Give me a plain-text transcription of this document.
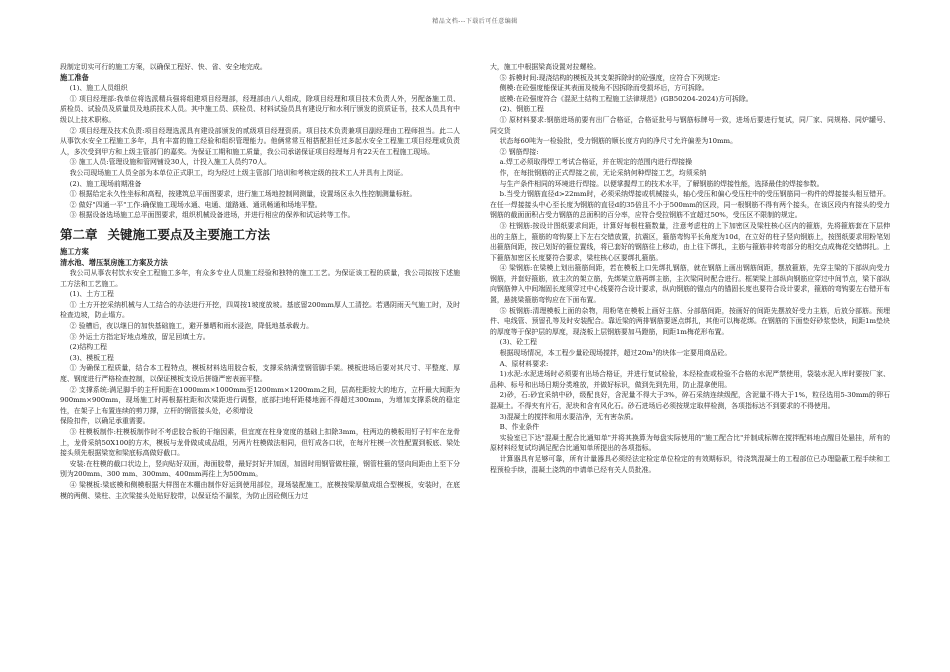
精品文档---下载后可任意编辑
段制定切实可行的施工方案，以确保工程好、快、省、安全地完成。
施工准备
(1)、施工人员组织
① 项目经理部:我单位将选派精兵强将组建项目经理部，经理部由八人组成，除项目经理和项目技术负责人外，另配备施工员、质检员、试验员及质量员及地质技术人员。其中施工员、质检员、材料试验员具有建设厅和水利厅颁发的资质证书，技术人员具有中级以上技术职称。
② 项目经理及技术负责:项目经理选派具有建设部颁发的贰级项目经理资质。项目技术负责兼项目副经理由工程师担当。此二人从事饮水安全工程施工多年，具有丰富的施工经验和组织管理能力。他俩常常互相搭配担任过多起水安全工程施工项目经理或负责人，多次受到甲方和上级主管部门的嘉奖。为保证工期和施工质量，我公司承诺保证项目经理每月有22天在工程施工现场。
③ 施工人员:管理设施和管网铺设30人，计投入施工人员约70人。
我公司现场施工人员全部为本单位正式职工，均为经过上级主管部门培训和考核定级的技术工人并具有上岗证。
(2)、施工现场前期准备
① 根据给定永久性坐标和高程，按建筑总平面图要求，进行施工场地控制网测量，设置场区永久性控制测量标桩。
② 做好"四通一平"工作:确保施工现场水通、电通、道路通、通讯畅通和场地平整。
③ 根据设备选场施工总平面图要求，组织机械设备进场，并进行相应的保养和试运转等工作。
第二章 关键施工要点及主要施工方法
施工方案
清水池、增压泵房施工方案及方法
我公司从事农村饮水安全工程施工多年，有众多专业人员施工经验和独特的施工工艺。为保证该工程的质量，我公司拟按下述施工方法和工艺施工。
(1)、土方工程
① 土方开挖采纳机械与人工结合的办法进行开挖，四周按1坡度放坡。基底留200mm厚人工清挖。若遇阴雨天气施工时，及时检查边坡，防止塌方。
② 验槽后，夜以继日的加快基础施工，避开暴晒和雨水浸泡，降低地基承载力。
③ 外运土方指定好地点堆放，留足回填土方。
(2)结构工程
(3)、模板工程
① 为确保工程质量，结合本工程特点，模板材料选用胶合板，支撑采纳满堂钢管脚手架。模板进场后要对其尺寸、平整度、厚度、钢度进行严格检查控制，以保证模板支设后拼缝严密表面平整。
② 支撑系统:满足脚手的主杆间距在1000mm×1000mm至1200mm×1200mm之间，层高柱距较大的地方，立杆最大间距为900mm×900mm，现场施工时再根据柱距和次梁距进行调整，底部扫地杆距楼地面不得超过300mm，为增加支撑系统的稳定性，在架子上布置连续的剪刀撑，立杆的钢管接头处，必须增设
保险扣件，以确足承重需要。
③ 柱模板制作:柱模板制作时不考虑胶合板的干缩因素，但宜度在柱身宽度的基础上扣除3mm，柱两边的模板用钉子钉牢在龙骨上，龙骨采纳50X100的方木，模板与龙骨做成成品组，另两片柱模做法相同，但钉成各口状，在每片柱模一次性配置到板底、梁处接头须先根据梁宽和梁底标高做好截口。
安装:在柱模的截口状边上，竖向贴好双面，海面胶带，最好封好并加固，加固时用钢管做柱箍，钢管柱箍的竖向间距由上至下分别为200mm、300 mm、300mm、400mm再往上为500mm。
④ 梁模板:梁底模和侧模根据大样图在木棚由制作好运到使用部位，现场装配施工，底模按梁厚做成组合型模板，安装时，在底模的两侧、梁柱、主次梁接头处贴好胶带，以保证绘不漏浆，为防止因砼侧压力过
大，施工中根据梁高设置对拉螺栓。
⑤ 拆模时间:现浇结构的模板及其支架拆除时的砼强度，应符合下列规定:
侧模:在砼强度能保证其表面及棱角不因拆除而受损坏后，方可拆除。
底模:在砼强度符合《混泥土结构工程施工法律规范》(GB50204-2024)方可拆除。
(2)、钢筋工程
① 原材料要求:钢筋进场前要有出厂合格证，合格证批号与钢筋标牌号一致，进场后要进行复试，同厂家、同规格、同炉罐号、同交货
状态每60吨为一检验批，受力钢筋的顺长度方向的净尺寸允许偏差为10mm。
② 钢筋焊接:
a.焊工必须取得焊工考试合格证，并在规定的范围内进行焊接操
作，在每批钢筋的正式焊接之前，无论采纳何种焊接工艺，均须采纳
与生产条件相同的环境进行焊接。以便掌握焊工的技术水平，了解钢筋的焊接性能，选择最佳的焊接参数。
b.当受力钢筋直径d>22mm时，必须采纳焊接或机械接头，轴心受压和偏心受压柱中的受压钢筋同一构件的焊接接头相互错开。在任一焊接接头中心至长度为钢筋的直径d的35倍且不小于500mm的区段，同一根钢筋不得有两个接头，在该区段内有接头的受力钢筋的截面面积占受力钢筋的总面积的百分率，应符合受拉钢筋不宜超过50%，受压区不限制的规定。
③ 柱钢筋:按设计图纸要求间距，计算好每根柱箍数量，注意考虑柱的上下加密区及梁柱核心区内的箍筋，先将箍筋套在下层伸出的主筋上，箍筋的弯钩要上下左右交错放置，抗震区，箍筋弯钩平长角度为10d，在立好的柱子竖向钢筋上，按图纸要求用粉笔划出箍筋间距，按已划好的箍位置线，将已套好的钢筋往上移动，由上往下绑扎，主筋与箍筋非转弯部分的相交点成梅花交错绑扎。上下箍筋加密区长度要符合要求，梁柱核心区要绑扎箍筋。
④ 梁钢筋:在梁模上划出箍筋间距，若在模板上口先绑扎钢筋，就在钢筋上画出钢筋间距，摆放箍筋，先穿主梁的下部纵向受力钢筋，并套好箍筋，放主次的架立筋，先绑架立筋再绑主筋，主次梁同时配合进行。框架梁上部纵向钢筋应穿过中间节点，梁下部纵向钢筋伸入中间端固长度须穿过中心线要符合设计要求，纵向钢筋的锚点内的锚固长度也要符合设计要求，箍筋的弯钩要左右错开布置，悬挑梁箍筋弯钩应在下面布置。
⑤ 板钢筋:清理模板上面的杂物，用粉笔在模板上画好主筋、分部筋间距，按画好的间距先摆放好受力主筋，后放分部筋。预埋件、电线管、预留孔等及时安装配合。靠近梁的两排钢筋要逐点绑扎，其他可以梅花绑。在钢筋的下面垫好砂浆垫块，间距1m垫块的厚度等于保护层的厚度，现浇板上层钢筋要加马蹬筋，间距1m梅花形布置。
(3)、砼工程
根据现场情况，本工程少量砼现场搅拌，超过20m³的块体一定要用商品砼。
A、原材料要求:
1)水泥:水泥进场时必须要有出场合格证，并进行复试检验，本经检查或检验不合格的水泥严禁使用，袋装水泥入库时要按厂家、品种、标号和出场日期分类堆放，并做好标识，做到先到先用，防止混拿使用。
2)砂，石:砂宜采纳中砂，级配良好，含泥量不得大于3%，碎石采纳连续级配，含泥量不得大于1%，粒径选用5-30mm的卵石混凝土。不得夹有片石，泥块和含有风化石。砂石进场后必须按规定取样检测，各项指标达不到要求的不得使用。
3)混凝土的搅拌和用水要洁净，无有害杂质。
B、作业条件
实验室已下达"混凝土配合比通知单"并将其换算为每盘实际使用的"施工配合比"并制成标牌在搅拌配料地点醒目处悬挂，所有的原材料经复试均满足配合比通知单所提出的各项指标。
计算器具有足够可靠，所有计量器具必须经法定检定单位检定的有效期标识，待浇筑混凝土的工程部位已办理隐蔽工程手续和工程预检手续，混凝土浇筑的申请单已经有关人员批准。
